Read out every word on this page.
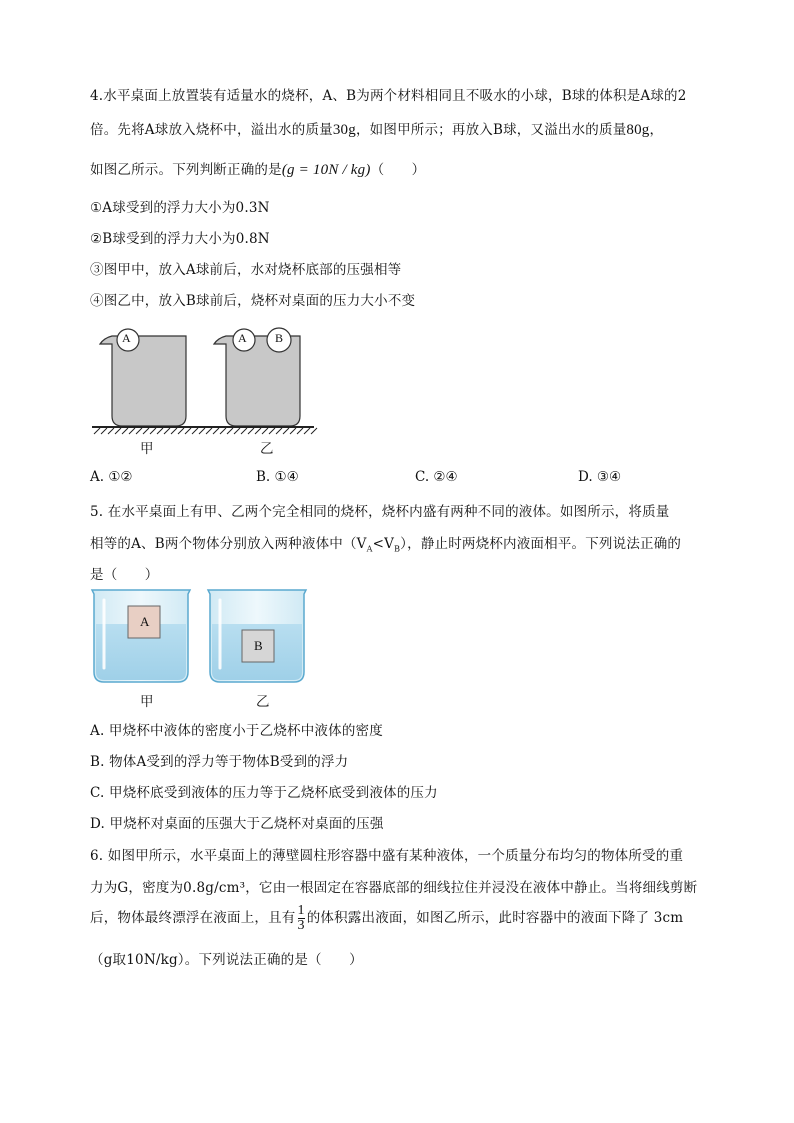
4.水平桌面上放置装有适量水的烧杯，A、B为两个材料相同且不吸水的小球，B球的体积是A球的2
倍。先将A球放入烧杯中，溢出水的质量30g，如图甲所示；再放入B球，又溢出水的质量80g，
如图乙所示。下列判断正确的是(g = 10N / kg)（　　）
①A球受到的浮力大小为0.3N
②B球受到的浮力大小为0.8N
③图甲中，放入A球前后，水对烧杯底部的压强相等
④图乙中，放入B球前后，烧杯对桌面的压力大小不变
A	A B
甲	乙
A. ①②	B. ①④	C. ②④	D. ③④
5. 在水平桌面上有甲、乙两个完全相同的烧杯，烧杯内盛有两种不同的液体。如图所示，将质量
相等的A、B两个物体分别放入两种液体中$(V_A<V_B)$，静止时两烧杯内液面相平。下列说法正确的
是（　　）
A
B
甲	乙
A. 甲烧杯中液体的密度小于乙烧杯中液体的密度
B. 物体A受到的浮力等于物体B受到的浮力
C. 甲烧杯底受到液体的压力等于乙烧杯底受到液体的压力
D. 甲烧杯对桌面的压强大于乙烧杯对桌面的压强
6. 如图甲所示，水平桌面上的薄壁圆柱形容器中盛有某种液体，一个质量分布均匀的物体所受的重
力为G，密度为0.8g/cm³，它由一根固定在容器底部的细线拉住并浸没在液体中静止。当将细线剪断
后，物体最终漂浮在液面上，且有 $\frac{1}{3}$ 的体积露出液面，如图乙所示，此时容器中的液面下降了 3cm
（g取10N/kg）。下列说法正确的是（　　）
